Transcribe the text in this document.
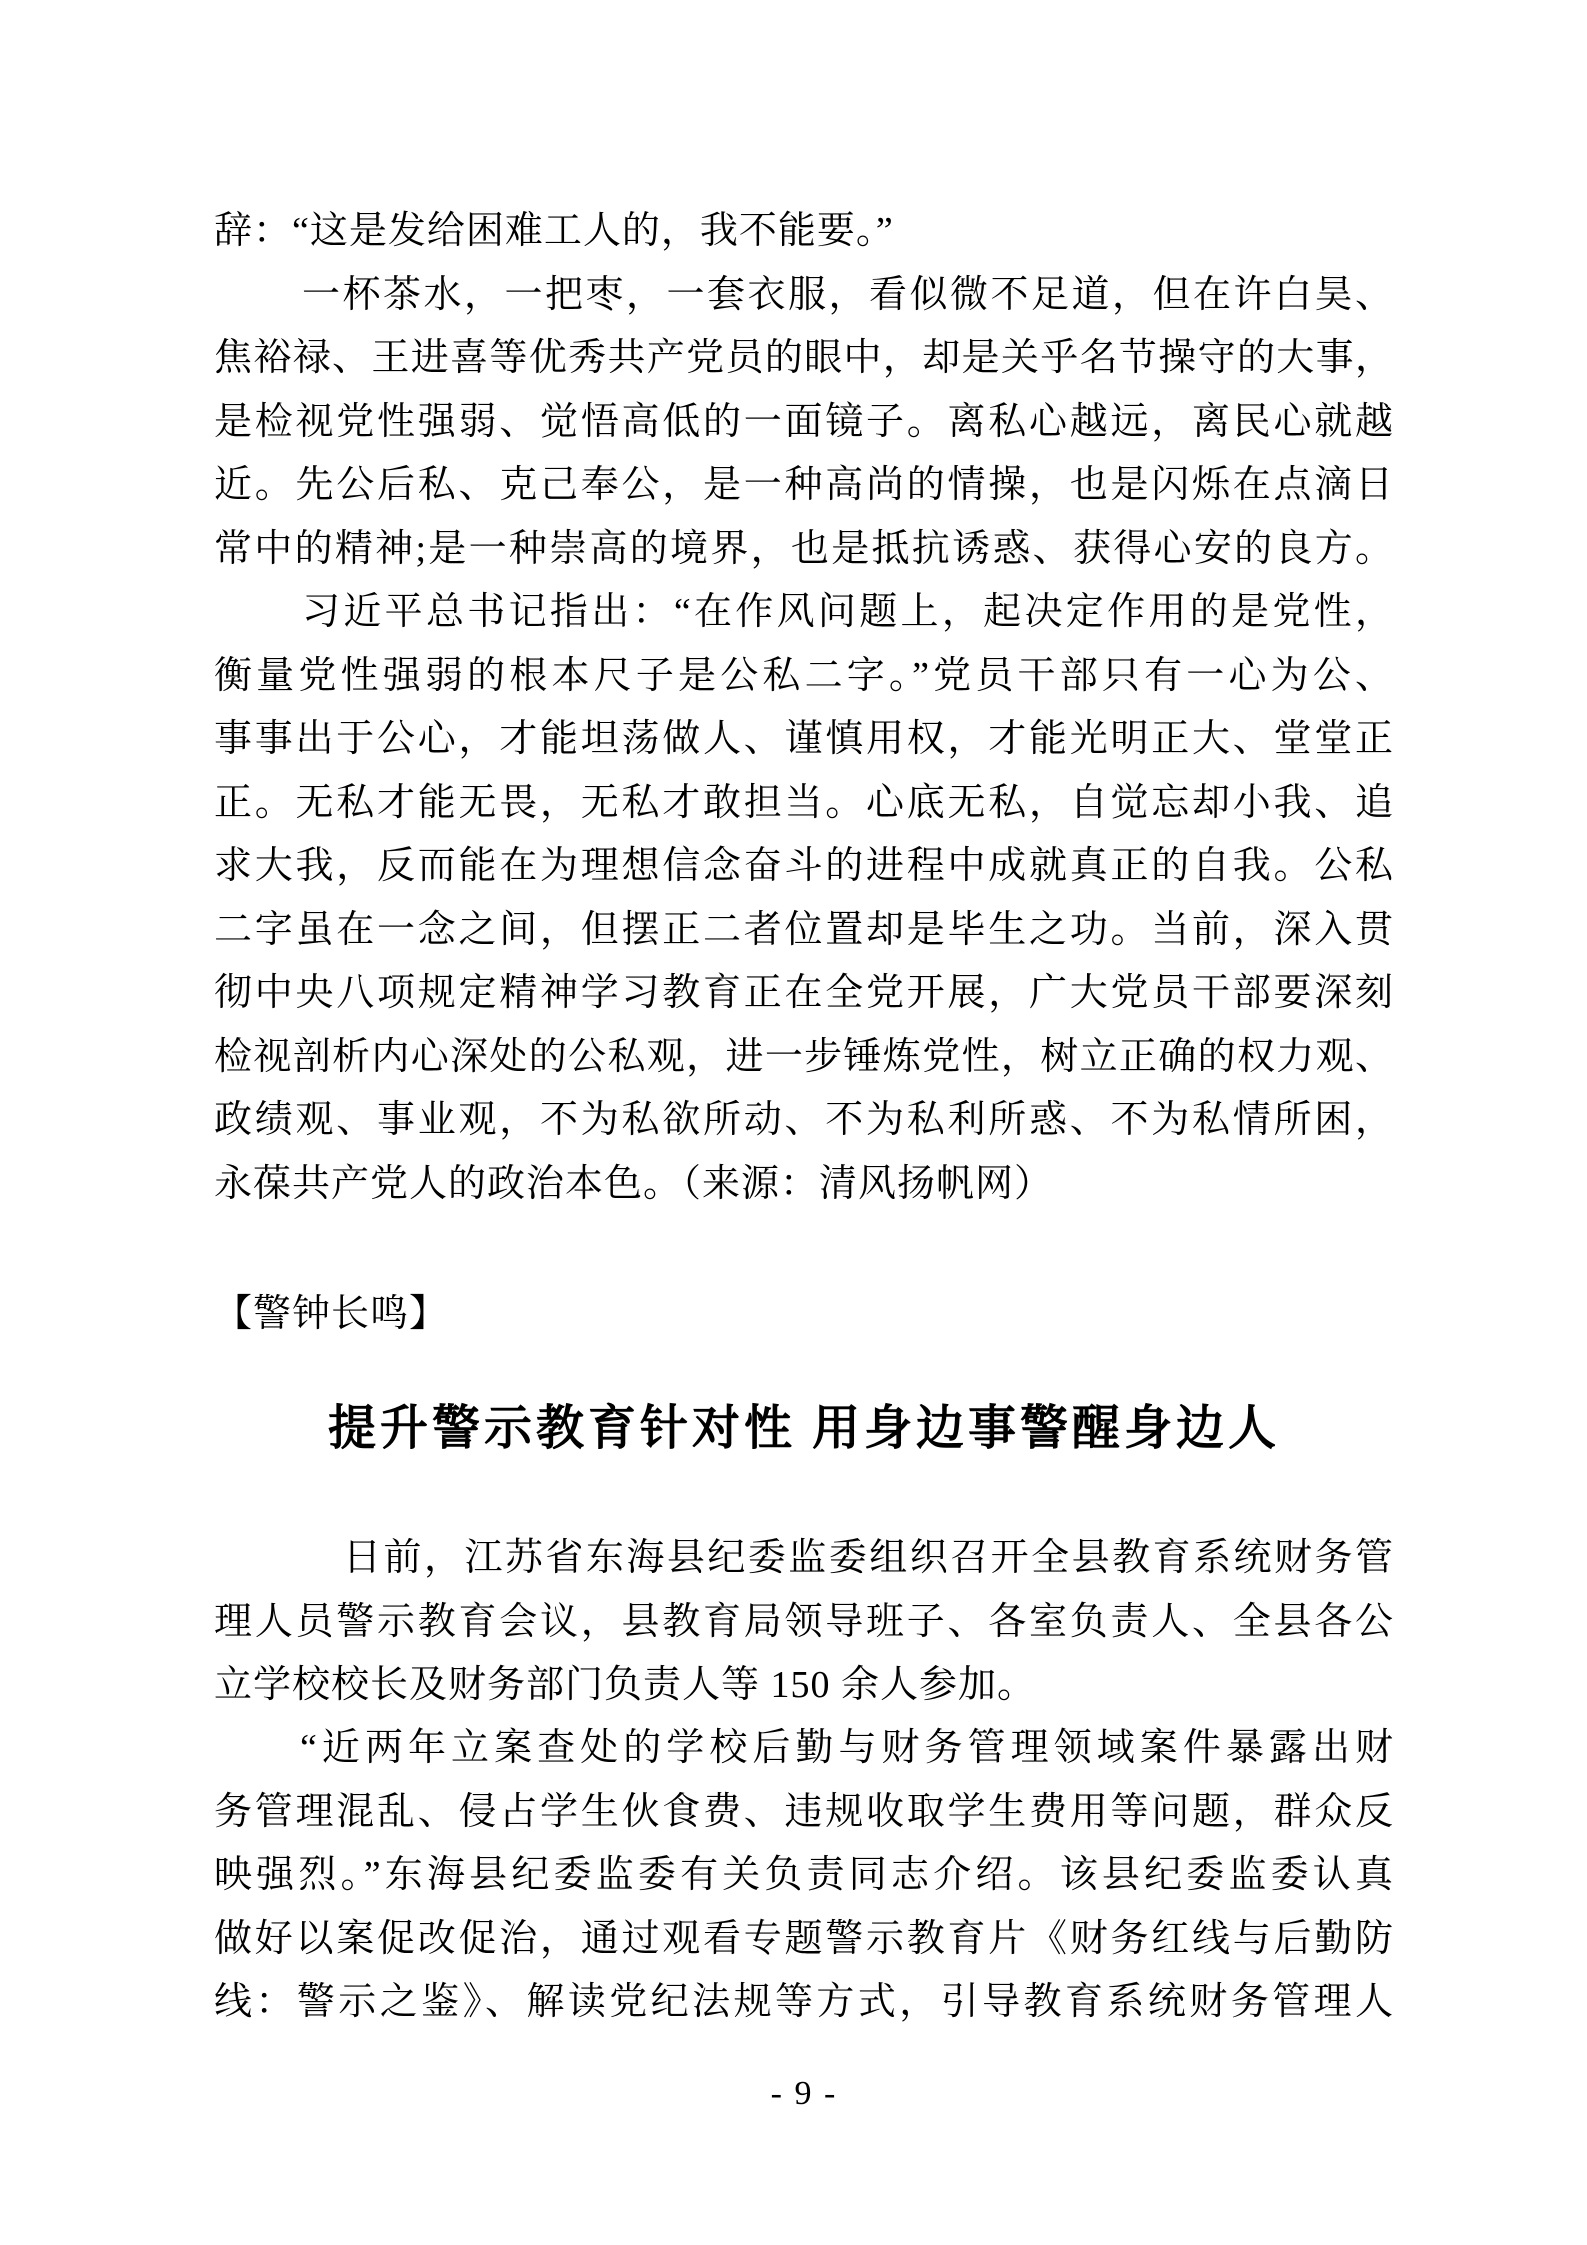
辞：“这是发给困难工人的，我不能要。”
一杯茶水，一把枣，一套衣服，看似微不足道，但在许白昊、
焦裕禄、王进喜等优秀共产党员的眼中，却是关乎名节操守的大事，
是检视党性强弱、觉悟高低的一面镜子。离私心越远，离民心就越
近。先公后私、克己奉公，是一种高尚的情操，也是闪烁在点滴日
常中的精神;是一种崇高的境界，也是抵抗诱惑、获得心安的良方。
习近平总书记指出：“在作风问题上，起决定作用的是党性，
衡量党性强弱的根本尺子是公私二字。”党员干部只有一心为公、
事事出于公心，才能坦荡做人、谨慎用权，才能光明正大、堂堂正
正。无私才能无畏，无私才敢担当。心底无私，自觉忘却小我、追
求大我，反而能在为理想信念奋斗的进程中成就真正的自我。公私
二字虽在一念之间，但摆正二者位置却是毕生之功。当前，深入贯
彻中央八项规定精神学习教育正在全党开展，广大党员干部要深刻
检视剖析内心深处的公私观，进一步锤炼党性，树立正确的权力观、
政绩观、事业观，不为私欲所动、不为私利所惑、不为私情所困，
永葆共产党人的政治本色。（来源：清风扬帆网）
【警钟长鸣】
提升警示教育针对性 用身边事警醒身边人
日前，江苏省东海县纪委监委组织召开全县教育系统财务管
理人员警示教育会议，县教育局领导班子、各室负责人、全县各公
立学校校长及财务部门负责人等 150 余人参加。
“近两年立案查处的学校后勤与财务管理领域案件暴露出财
务管理混乱、侵占学生伙食费、违规收取学生费用等问题，群众反
映强烈。”东海县纪委监委有关负责同志介绍。该县纪委监委认真
做好以案促改促治，通过观看专题警示教育片《财务红线与后勤防
线：警示之鉴》、解读党纪法规等方式，引导教育系统财务管理人
- 9 -
